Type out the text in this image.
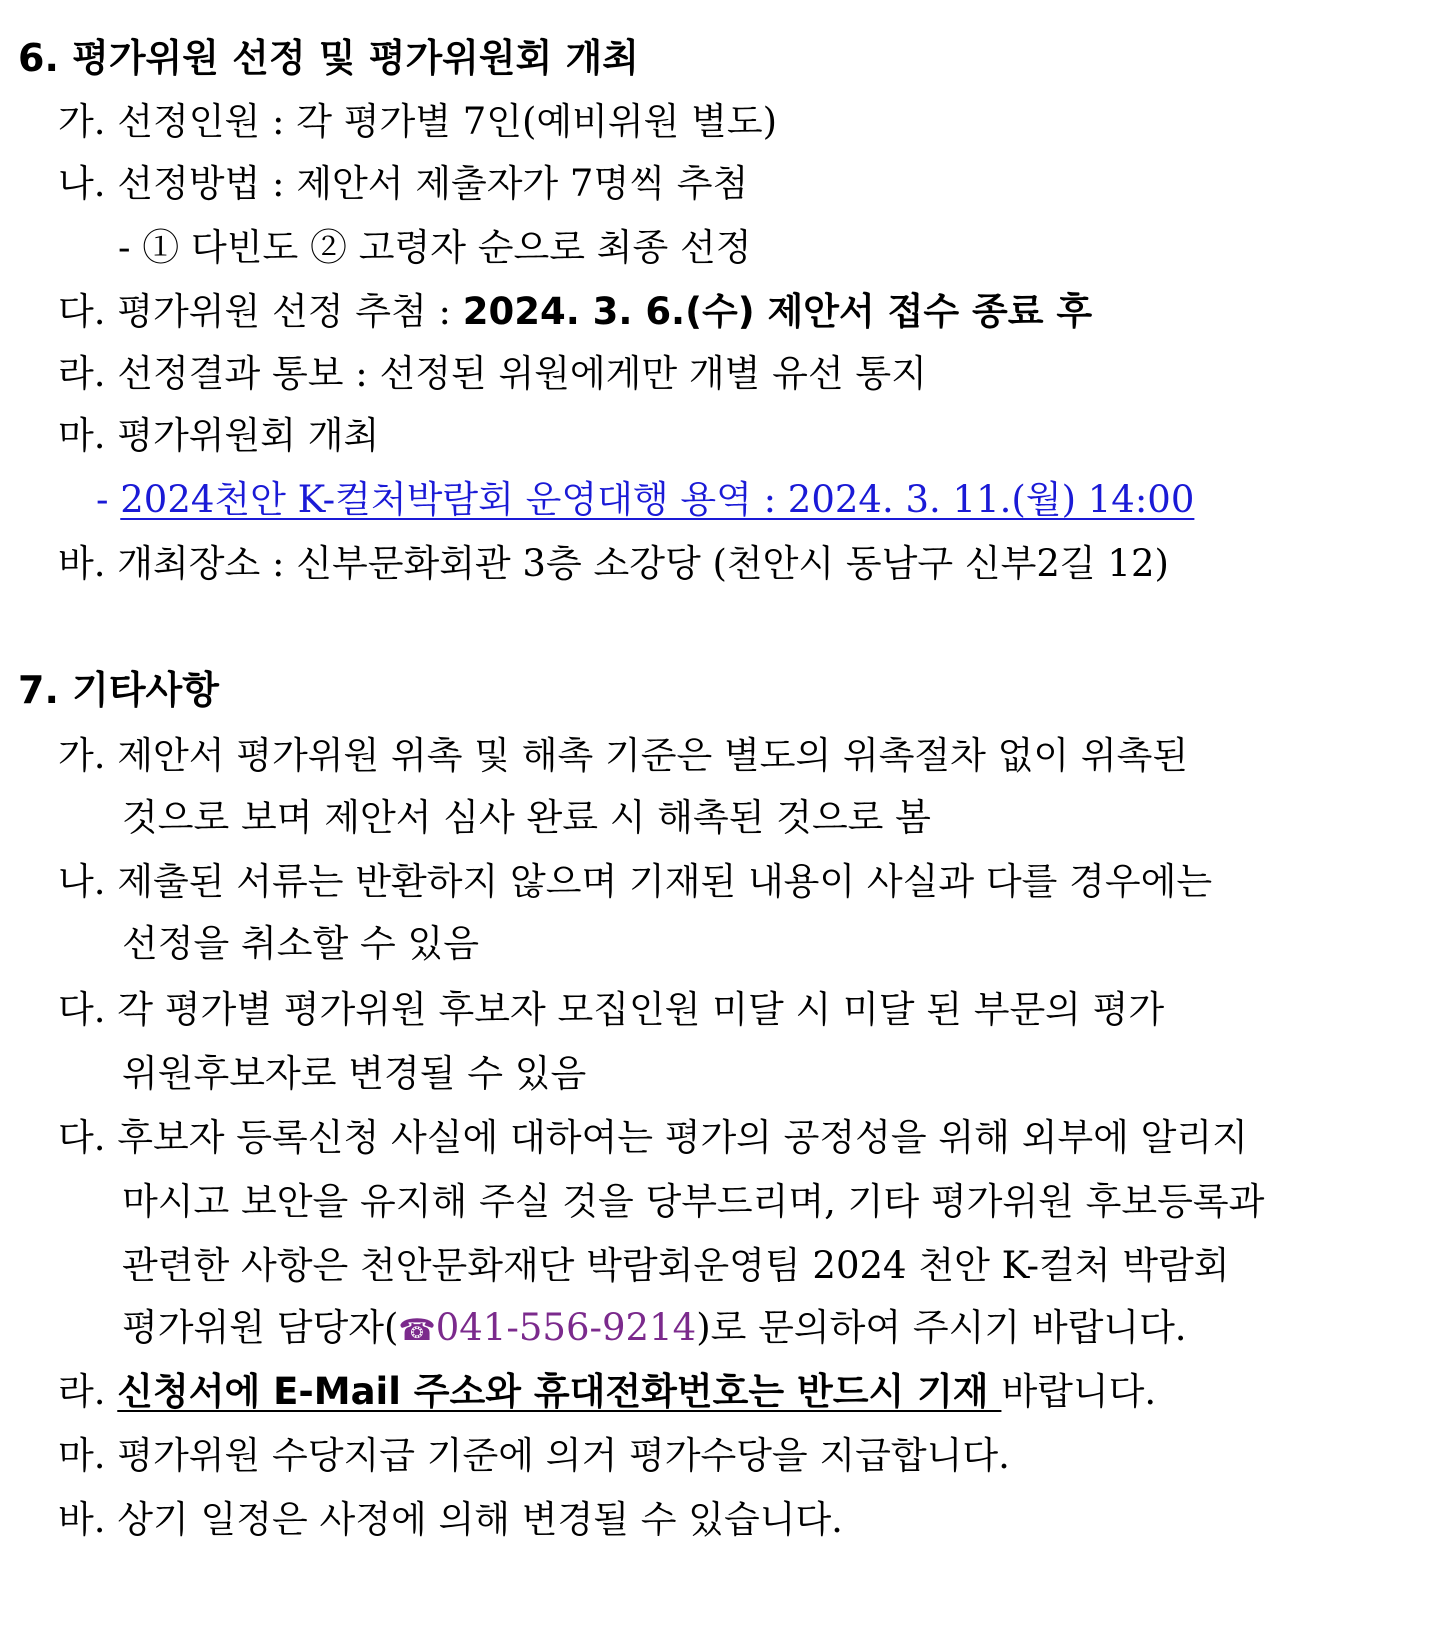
6. 평가위원 선정 및 평가위원회 개최
가. 선정인원 : 각 평가별 7인(예비위원 별도)
나. 선정방법 : 제안서 제출자가 7명씩 추첨
- ① 다빈도 ② 고령자 순으로 최종 선정
다. 평가위원 선정 추첨 : 2024. 3. 6.(수) 제안서 접수 종료 후
라. 선정결과 통보 : 선정된 위원에게만 개별 유선 통지
마. 평가위원회 개최
- 2024천안 K-컬처박람회 운영대행 용역 : 2024. 3. 11.(월) 14:00
바. 개최장소 : 신부문화회관 3층 소강당 (천안시 동남구 신부2길 12)
7. 기타사항
가. 제안서 평가위원 위촉 및 해촉 기준은 별도의 위촉절차 없이 위촉된
것으로 보며 제안서 심사 완료 시 해촉된 것으로 봄
나. 제출된 서류는 반환하지 않으며 기재된 내용이 사실과 다를 경우에는
선정을 취소할 수 있음
다. 각 평가별 평가위원 후보자 모집인원 미달 시 미달 된 부문의 평가
위원후보자로 변경될 수 있음
다. 후보자 등록신청 사실에 대하여는 평가의 공정성을 위해 외부에 알리지
마시고 보안을 유지해 주실 것을 당부드리며, 기타 평가위원 후보등록과
관련한 사항은 천안문화재단 박람회운영팀 2024 천안 K-컬처 박람회
평가위원 담당자(☎041-556-9214)로 문의하여 주시기 바랍니다.
라. 신청서에 E-Mail 주소와 휴대전화번호는 반드시 기재 바랍니다.
마. 평가위원 수당지급 기준에 의거 평가수당을 지급합니다.
바. 상기 일정은 사정에 의해 변경될 수 있습니다.
